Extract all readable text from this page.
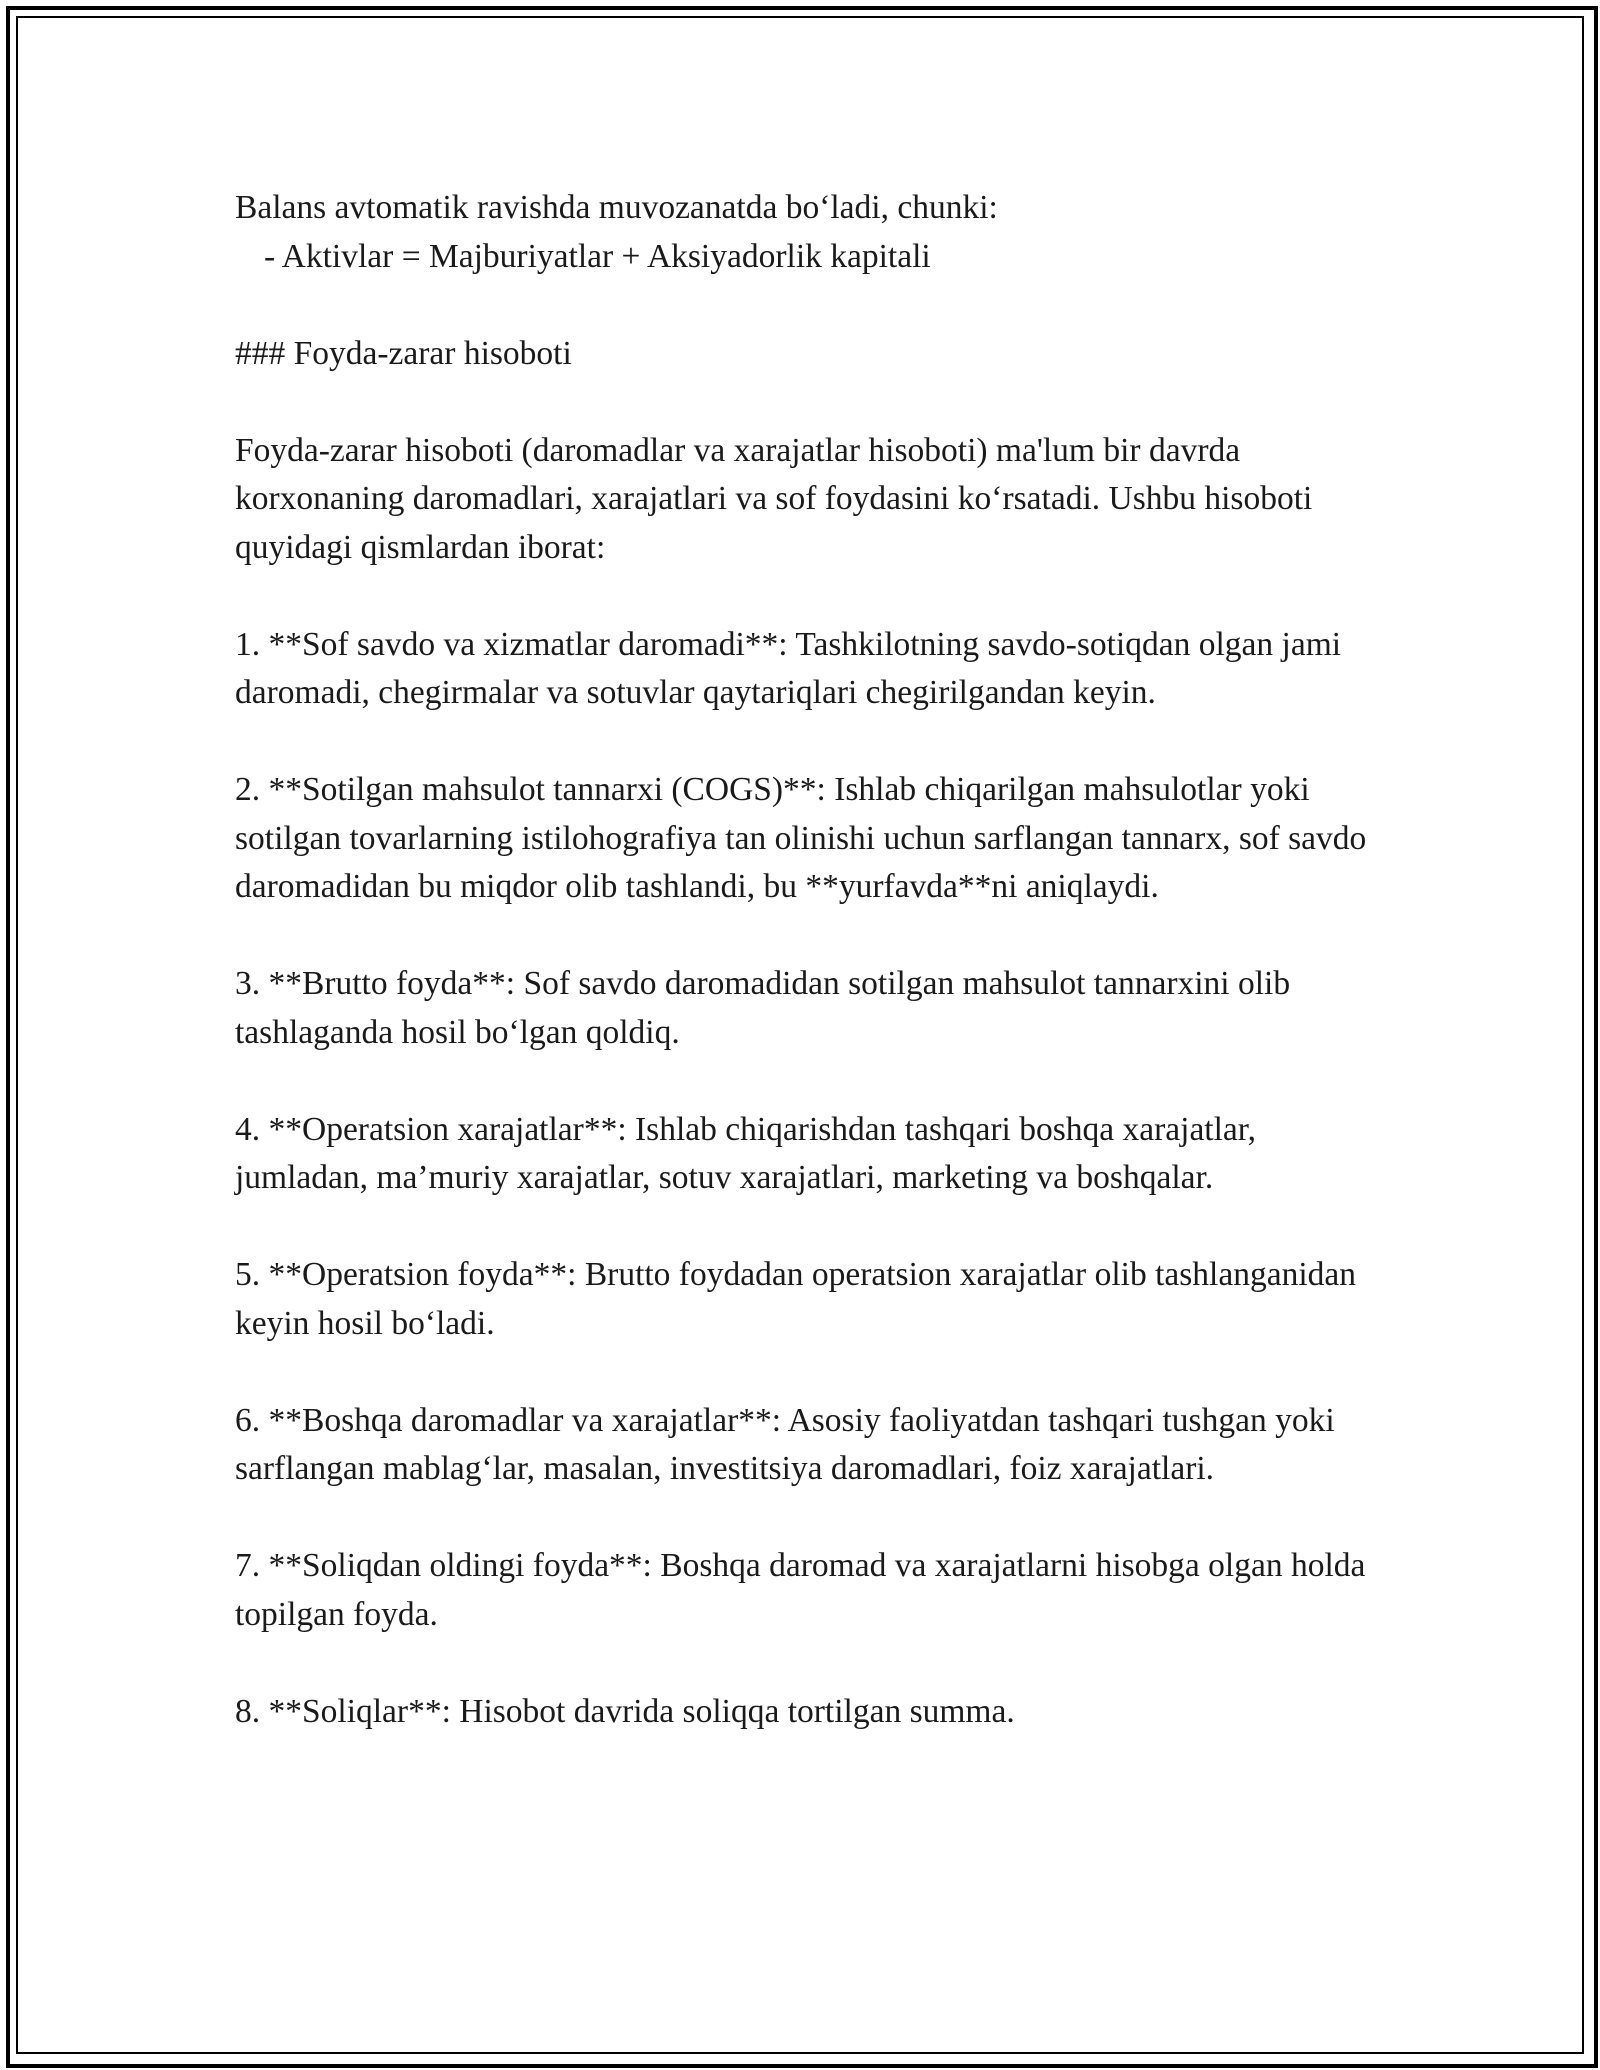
Balans avtomatik ravishda muvozanatda bo‘ladi, chunki:
- Aktivlar = Majburiyatlar + Aksiyadorlik kapitali
### Foyda-zarar hisoboti
Foyda-zarar hisoboti (daromadlar va xarajatlar hisoboti) ma'lum bir davrda korxonaning daromadlari, xarajatlari va sof foydasini ko‘rsatadi. Ushbu hisoboti quyidagi qismlardan iborat:
1. **Sof savdo va xizmatlar daromadi**: Tashkilotning savdo-sotiqdan olgan jami daromadi, chegirmalar va sotuvlar qaytariqlari chegirilgandan keyin.
2. **Sotilgan mahsulot tannarxi (COGS)**: Ishlab chiqarilgan mahsulotlar yoki sotilgan tovarlarning istilohografiya tan olinishi uchun sarflangan tannarx, sof savdo daromadidan bu miqdor olib tashlandi, bu **yurfavda**ni aniqlaydi.
3. **Brutto foyda**: Sof savdo daromadidan sotilgan mahsulot tannarxini olib tashlaganda hosil bo‘lgan qoldiq.
4. **Operatsion xarajatlar**: Ishlab chiqarishdan tashqari boshqa xarajatlar, jumladan, ma’muriy xarajatlar, sotuv xarajatlari, marketing va boshqalar.
5. **Operatsion foyda**: Brutto foydadan operatsion xarajatlar olib tashlanganidan keyin hosil bo‘ladi.
6. **Boshqa daromadlar va xarajatlar**: Asosiy faoliyatdan tashqari tushgan yoki sarflangan mablag‘lar, masalan, investitsiya daromadlari, foiz xarajatlari.
7. **Soliqdan oldingi foyda**: Boshqa daromad va xarajatlarni hisobga olgan holda topilgan foyda.
8. **Soliqlar**: Hisobot davrida soliqqa tortilgan summa.
